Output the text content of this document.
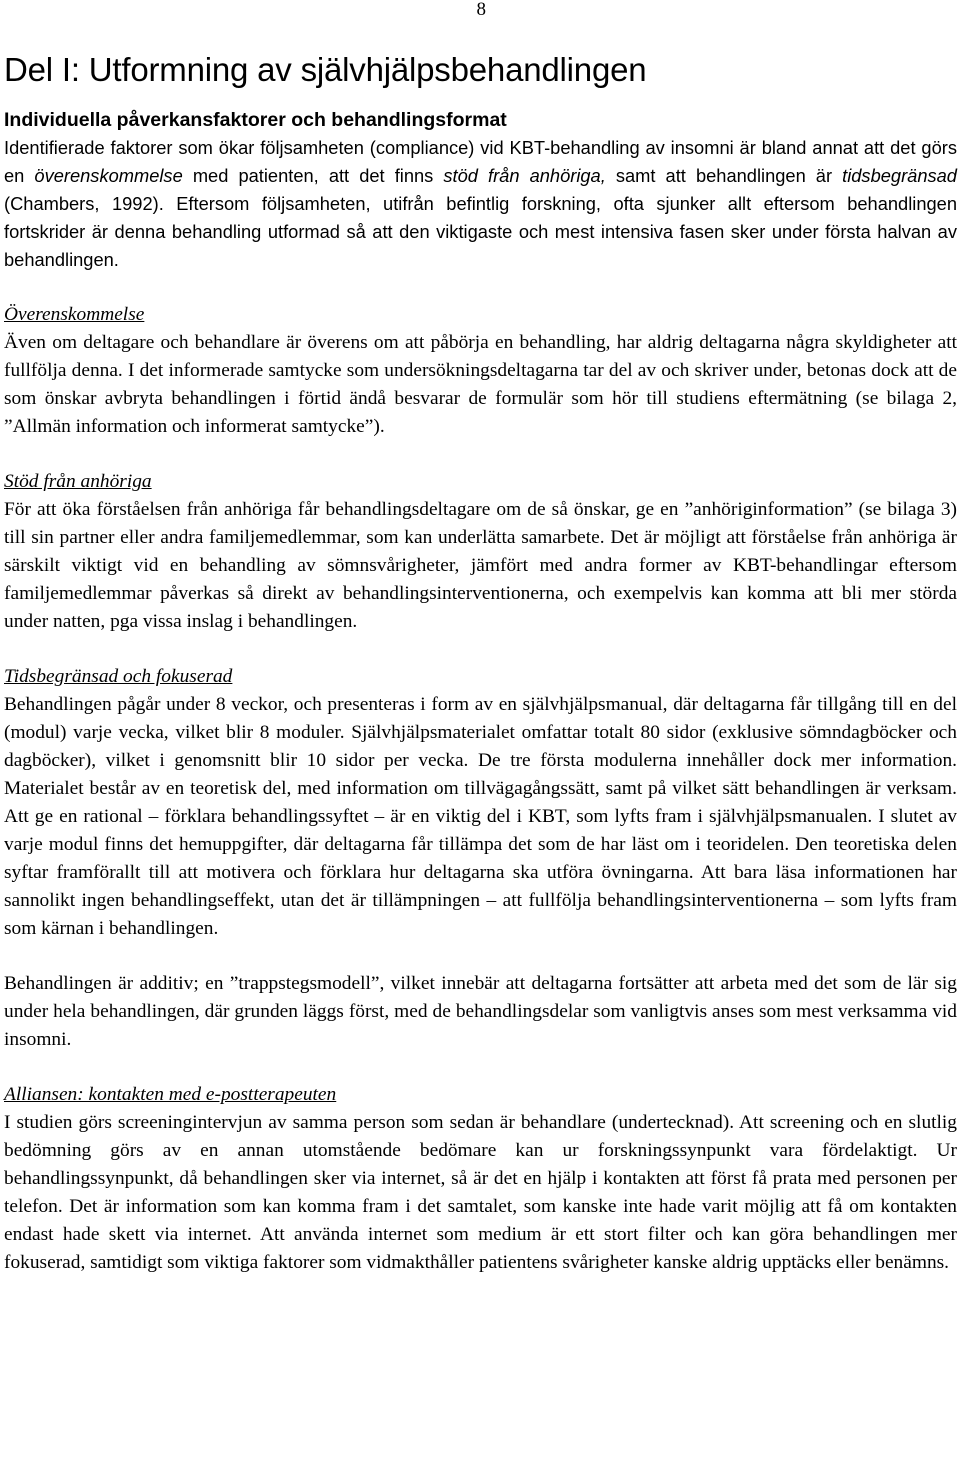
8
Del I: Utformning av självhjälpsbehandlingen
Individuella påverkansfaktorer och behandlingsformat

Identifierade faktorer som ökar följsamheten (compliance) vid KBT-behandling av insomni är bland annat att det görs en överenskommelse med patienten, att det finns stöd från anhöriga, samt att behandlingen är tidsbegränsad (Chambers, 1992). Eftersom följsamheten, utifrån befintlig forskning, ofta sjunker allt eftersom behandlingen fortskrider är denna behandling utformad så att den viktigaste och mest intensiva fasen sker under första halvan av behandlingen.

Överenskommelse

Även om deltagare och behandlare är överens om att påbörja en behandling, har aldrig deltagarna några skyldigheter att fullfölja denna. I det informerade samtycke som undersökningsdeltagarna tar del av och skriver under, betonas dock att de som önskar avbryta behandlingen i förtid ändå besvarar de formulär som hör till studiens eftermätning (se bilaga 2, ”Allmän information och informerat samtycke”).

Stöd från anhöriga

För att öka förståelsen från anhöriga får behandlingsdeltagare om de så önskar, ge en ”anhöriginformation” (se bilaga 3) till sin partner eller andra familjemedlemmar, som kan underlätta samarbete. Det är möjligt att förståelse från anhöriga är särskilt viktigt vid en behandling av sömnsvårigheter, jämfört med andra former av KBT-behandlingar eftersom familjemedlemmar påverkas så direkt av behandlingsinterventionerna, och exempelvis kan komma att bli mer störda under natten, pga vissa inslag i behandlingen.

Tidsbegränsad och fokuserad

Behandlingen pågår under 8 veckor, och presenteras i form av en självhjälpsmanual, där deltagarna får tillgång till en del (modul) varje vecka, vilket blir 8 moduler. Självhjälpsmaterialet omfattar totalt 80 sidor (exklusive sömndagböcker och dagböcker), vilket i genomsnitt blir 10 sidor per vecka. De tre första modulerna innehåller dock mer information. Materialet består av en teoretisk del, med information om tillvägagångssätt, samt på vilket sätt behandlingen är verksam. Att ge en rational – förklara behandlingssyftet – är en viktig del i KBT, som lyfts fram i självhjälpsmanualen. I slutet av varje modul finns det hemuppgifter, där deltagarna får tillämpa det som de har läst om i teoridelen. Den teoretiska delen syftar framförallt till att motivera och förklara hur deltagarna ska utföra övningarna. Att bara läsa informationen har sannolikt ingen behandlingseffekt, utan det är tillämpningen – att fullfölja behandlingsinterventionerna – som lyfts fram som kärnan i behandlingen.

Behandlingen är additiv; en ”trappstegsmodell”, vilket innebär att deltagarna fortsätter att arbeta med det som de lär sig under hela behandlingen, där grunden läggs först, med de behandlingsdelar som vanligtvis anses som mest verksamma vid insomni.

Alliansen: kontakten med e-postterapeuten

I studien görs screeningintervjun av samma person som sedan är behandlare (undertecknad). Att screening och en slutlig bedömning görs av en annan utomstående bedömare kan ur forskningssynpunkt vara fördelaktigt. Ur behandlingssynpunkt, då behandlingen sker via internet, så är det en hjälp i kontakten att först få prata med personen per telefon. Det är information som kan komma fram i det samtalet, som kanske inte hade varit möjlig att få om kontakten endast hade skett via internet. Att använda internet som medium är ett stort filter och kan göra behandlingen mer fokuserad, samtidigt som viktiga faktorer som vidmakthåller patientens svårigheter kanske aldrig upptäcks eller benämns.
